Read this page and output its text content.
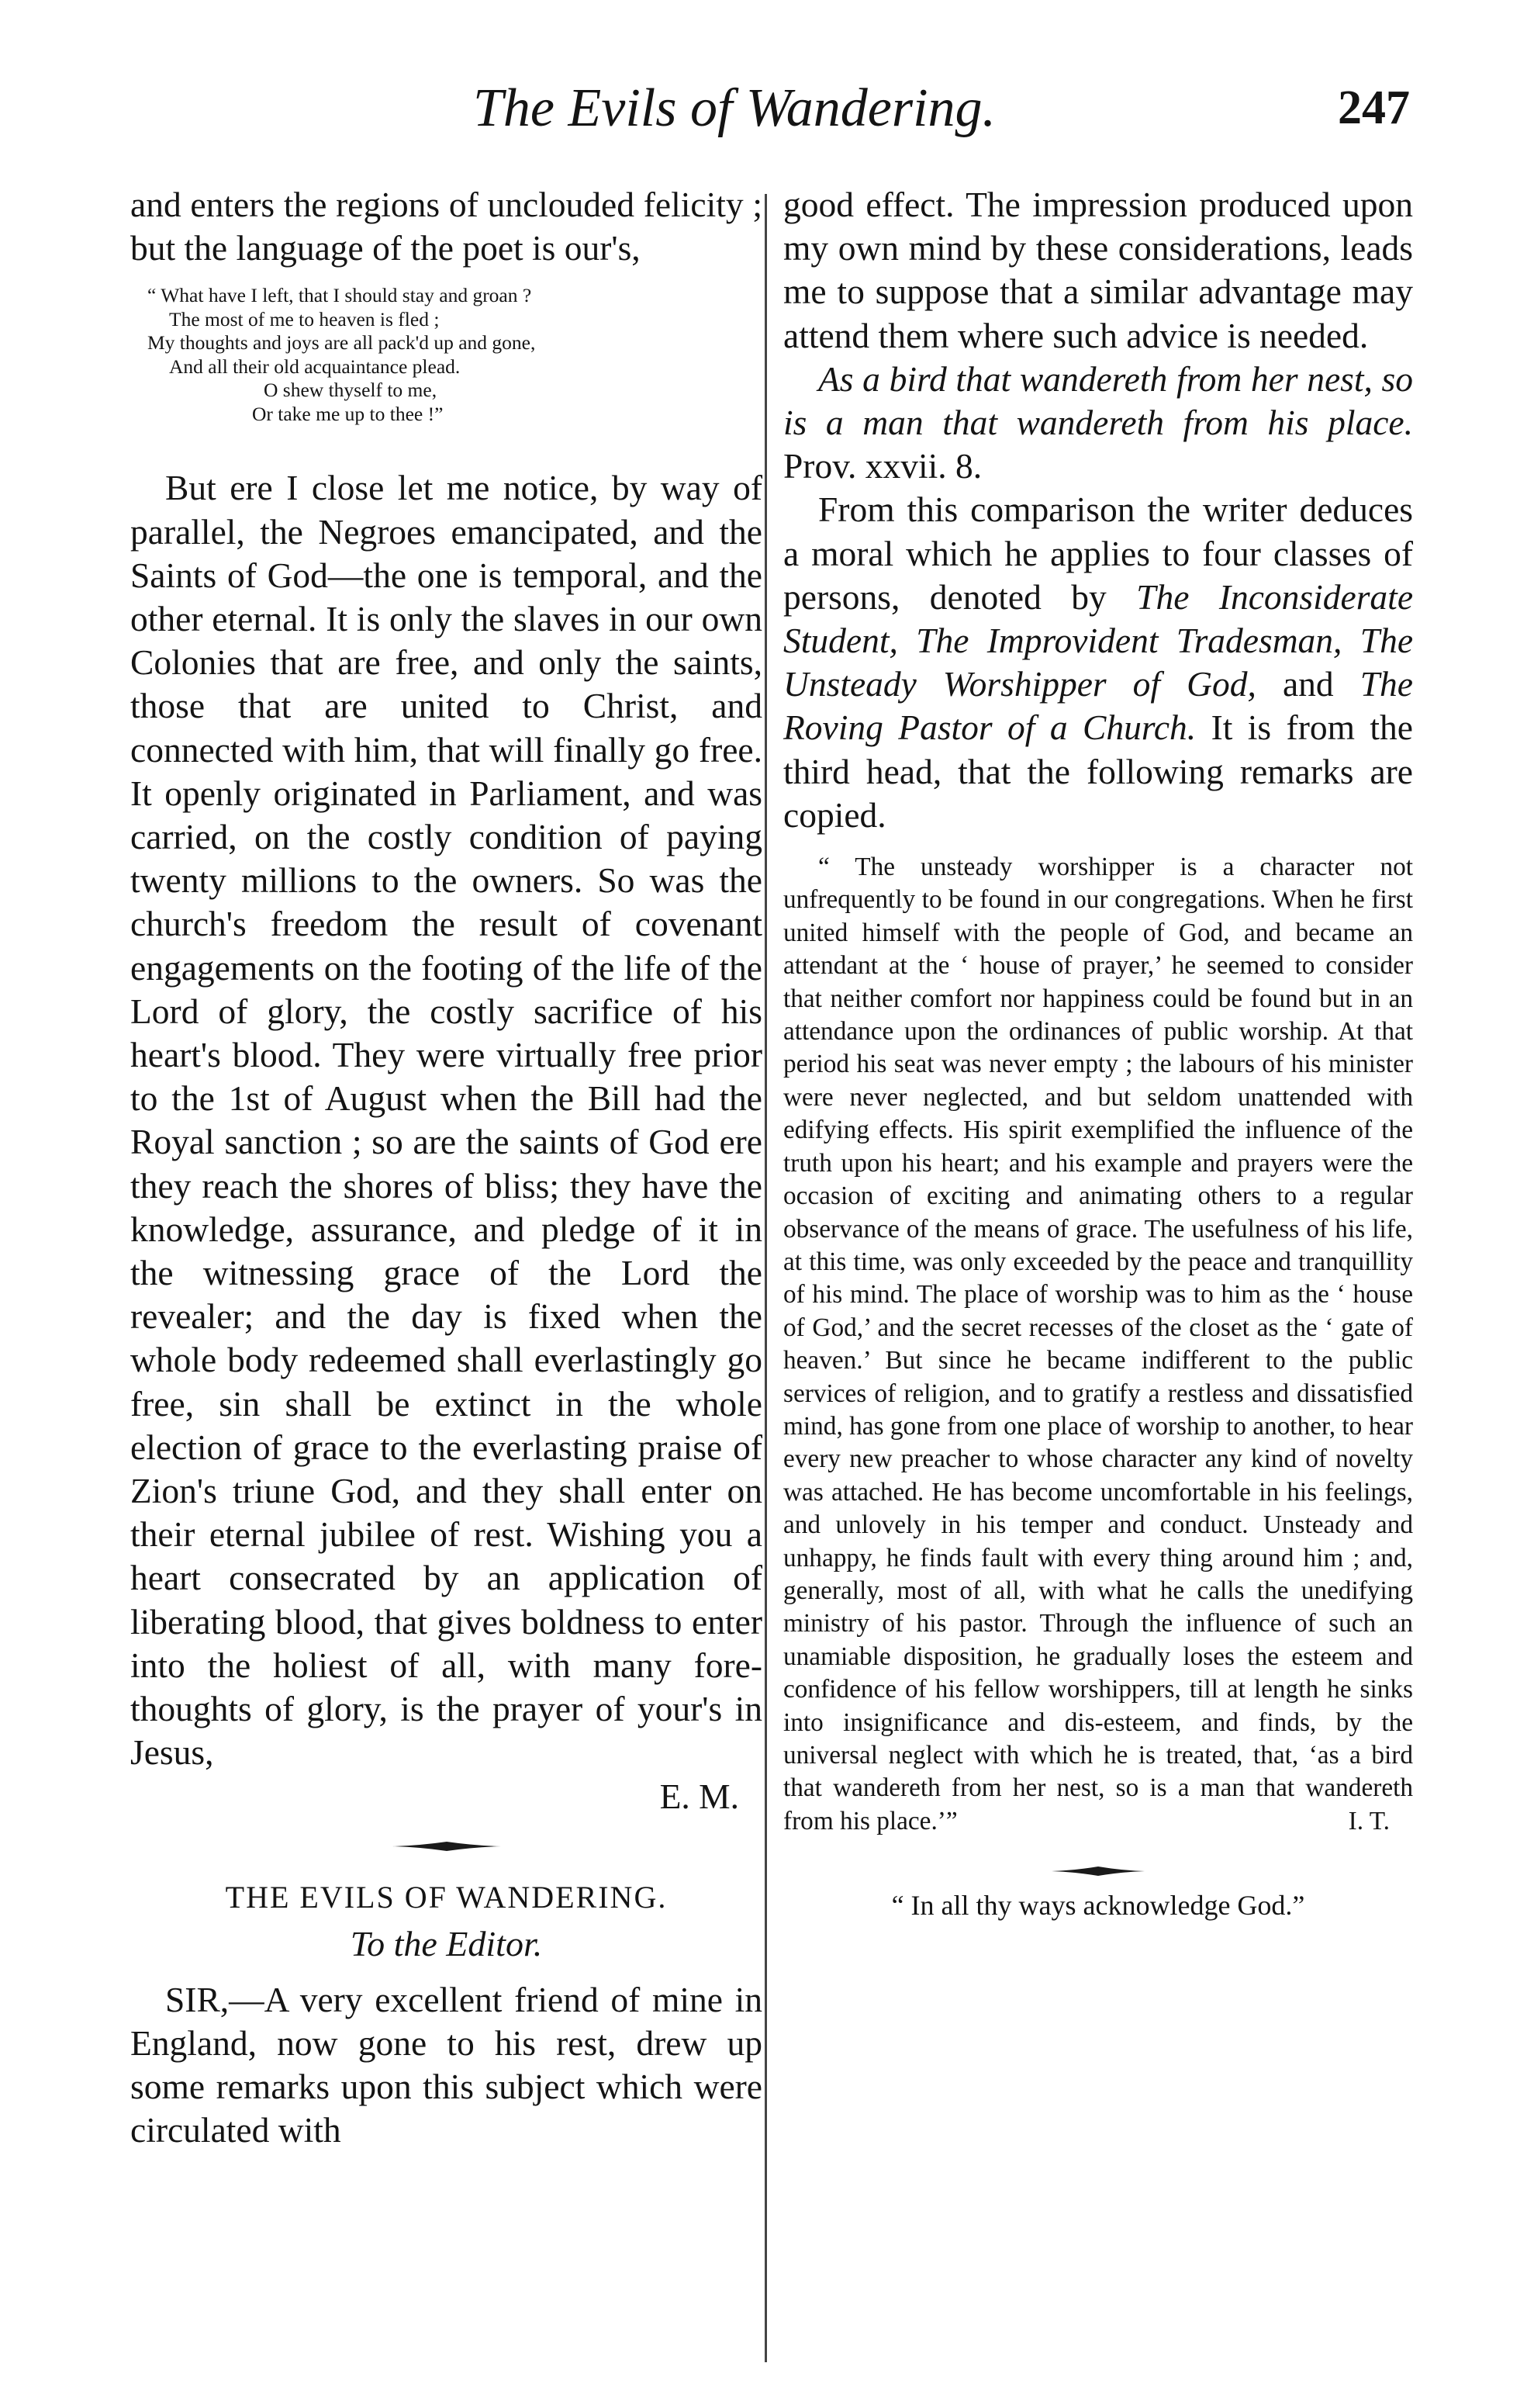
The Evils of Wandering.	247

and enters the regions of unclouded felicity ; but the language of the poet is our's,

“ What have I left, that I should stay and groan ?
The most of me to heaven is fled ;
My thoughts and joys are all pack'd up and gone,
And all their old acquaintance plead.
O shew thyself to me,
Or take me up to thee !”

But ere I close let me notice, by way of parallel, the Negroes emancipated, and the Saints of God—the one is temporal, and the other eternal. It is only the slaves in our own Colonies that are free, and only the saints, those that are united to Christ, and connected with him, that will finally go free. It openly originated in Parliament, and was carried, on the costly condition of paying twenty millions to the owners. So was the church's freedom the result of covenant engagements on the footing of the life of the Lord of glory, the costly sacrifice of his heart's blood. They were virtually free prior to the 1st of August when the Bill had the Royal sanction ; so are the saints of God ere they reach the shores of bliss; they have the knowledge, assurance, and pledge of it in the witnessing grace of the Lord the revealer; and the day is fixed when the whole body redeemed shall everlastingly go free, sin shall be extinct in the whole election of grace to the everlasting praise of Zion's triune God, and they shall enter on their eternal jubilee of rest. Wishing you a heart consecrated by an application of liberating blood, that gives boldness to enter into the holiest of all, with many fore-thoughts of glory, is the prayer of your's in Jesus,

E. M.

THE EVILS OF WANDERING.

To the Editor.

SIR,—A very excellent friend of mine in England, now gone to his rest, drew up some remarks upon this subject which were circulated with

good effect. The impression produced upon my own mind by these considerations, leads me to suppose that a similar advantage may attend them where such advice is needed.

As a bird that wandereth from her nest, so is a man that wandereth from his place. Prov. xxvii. 8.

From this comparison the writer deduces a moral which he applies to four classes of persons, denoted by The Inconsiderate Student, The Improvident Tradesman, The Unsteady Worshipper of God, and The Roving Pastor of a Church. It is from the third head, that the following remarks are copied.

“ The unsteady worshipper is a character not unfrequently to be found in our congregations. When he first united himself with the people of God, and became an attendant at the ‘ house of prayer,’ he seemed to consider that neither comfort nor happiness could be found but in an attendance upon the ordinances of public worship. At that period his seat was never empty ; the labours of his minister were never neglected, and but seldom unattended with edifying effects. His spirit exemplified the influence of the truth upon his heart; and his example and prayers were the occasion of exciting and animating others to a regular observance of the means of grace. The usefulness of his life, at this time, was only exceeded by the peace and tranquillity of his mind. The place of worship was to him as the ‘ house of God,’ and the secret recesses of the closet as the ‘ gate of heaven.’ But since he became indifferent to the public services of religion, and to gratify a restless and dissatisfied mind, has gone from one place of worship to another, to hear every new preacher to whose character any kind of novelty was attached. He has become uncomfortable in his feelings, and unlovely in his temper and conduct. Unsteady and unhappy, he finds fault with every thing around him ; and, generally, most of all, with what he calls the unedifying ministry of his pastor. Through the influence of such an unamiable disposition, he gradually loses the esteem and confidence of his fellow worshippers, till at length he sinks into insignificance and dis-esteem, and finds, by the universal neglect with which he is treated, that, ‘as a bird that wandereth from her nest, so is a man that wandereth from his place.’”	I. T.

“ In all thy ways acknowledge God.”
